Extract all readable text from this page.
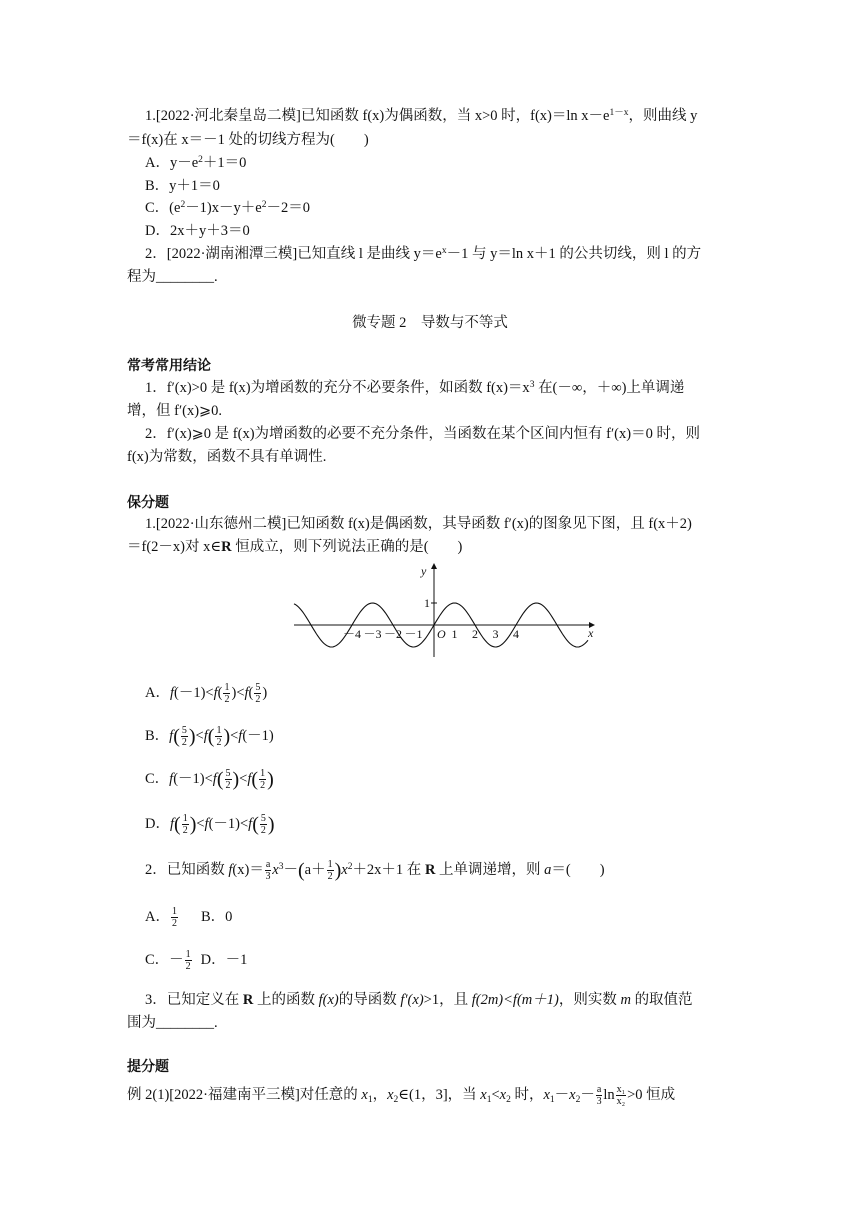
1.[2022·河北秦皇岛二模]已知函数 f(x)为偶函数，当 x>0 时，f(x)＝ln $x-e^{1-x}$，则曲线 y
＝f(x)在 x＝－1 处的切线方程为(　　)
A．$y-e^2+1=0$
B．y＋1＝0
C．$(e^2-1)x-y+e^2-2=0$
D．2x＋y＋3＝0
2．[2022·湖南湘潭三模]已知直线 l 是曲线 $y=e^x-1$ 与 y＝ln x＋1 的公共切线，则 l 的方
程为________.
微专题 2　导数与不等式
常考常用结论
1．f′(x)>0 是 f(x)为增函数的充分不必要条件，如函数 $f(x)=x^3$ 在(－∞，＋∞)上单调递
增，但 f′(x)⩾0.
2．f′(x)⩾0 是 f(x)为增函数的必要不充分条件，当函数在某个区间内恒有 f′(x)＝0 时，则
f(x)为常数，函数不具有单调性.
保分题
1.[2022·山东德州二模]已知函数 f(x)是偶函数，其导函数 f′(x)的图象见下图，且 f(x＋2)
＝f(2－x)对 x∈R 恒成立，则下列说法正确的是(　　)
－4 －3 －2 －1 1 2 3 4
1
y
x
O
A．$f(-1)<f( \frac{1}{2} )<f( \frac{5}{2}$ )
B．$f( \frac{5}{2} )<f( \frac{1}{2} )<f(-1)$
C．$f(-1)<f( \frac{5}{2} )<f( \frac{1}{2}$ )
D．$f( \frac{1}{2} )<f(-1)<f( \frac{5}{2}$ )
2．已知函数 $f(x)= \frac{a}{3} x^3-(a+ \frac{1}{2} )x^2+2x+1$ 在 R 上单调递增，则 a＝(　　)
A． $\frac{1}{2}$ B．0
C．－ $\frac{1}{2}$ D．－1
3．已知定义在 R 上的函数 f(x)的导函数 f′(x)>1，且 f(2m)<f(m＋1)，则实数 m 的取值范
围为________.
提分题
例 2(1)[2022·福建南平三模]对任意的 $x_1$，$x_2\in(1$，3]，当 $x_1<x_2$ 时，$x_1-x_2- \frac{a}{3}$ $\ln \frac{\text{x₁}}{\text{x₂}} >0$ 恒成
